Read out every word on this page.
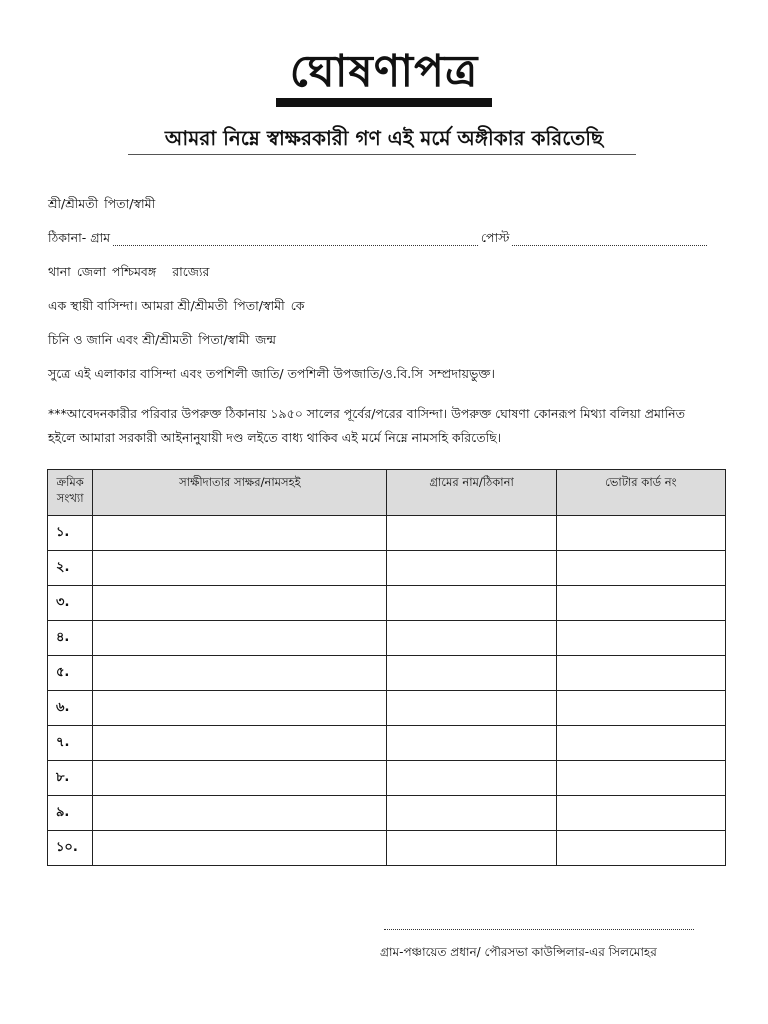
ঘোষণাপত্র
আমরা নিম্নে স্বাক্ষরকারী গণ এই মর্মে অঙ্গীকার করিতেছি
শ্রী/শ্রীমতী পিতা/স্বামী
ঠিকানা- গ্রাম	পোস্ট
থানা জেলা পশ্চিমবঙ্গ রাজ্যের
এক স্থায়ী বাসিন্দা। আমরা শ্রী/শ্রীমতী পিতা/স্বামী কে
চিনি ও জানি এবং শ্রী/শ্রীমতী পিতা/স্বামী জন্ম
সুত্রে এই এলাকার বাসিন্দা এবং তপশিলী জাতি/ তপশিলী উপজাতি/ও.বি.সি সম্প্রদায়ভুক্ত।
***আবেদনকারীর পরিবার উপরুক্ত ঠিকানায় ১৯৫০ সালের পূর্বের/পরের বাসিন্দা। উপরুক্ত ঘোষণা কোনরূপ মিথ্যা বলিয়া প্রমানিত হইলে আমারা সরকারী আইনানুযায়ী দণ্ড লইতে বাধ্য থাকিব এই মর্মে নিম্নে নামসহি করিতেছি।
ক্রমিক
সংখ্যা	সাক্ষীদাতার সাক্ষর/নামসহই	গ্রামের নাম/ঠিকানা	ভোটার কার্ড নং
১.			
২.			
৩.			
৪.			
৫.			
৬.			
৭.			
৮.			
৯.			
১০.			
গ্রাম-পঞ্চায়েত প্রধান/ পৌরসভা কাউন্সিলার-এর সিলমোহর
